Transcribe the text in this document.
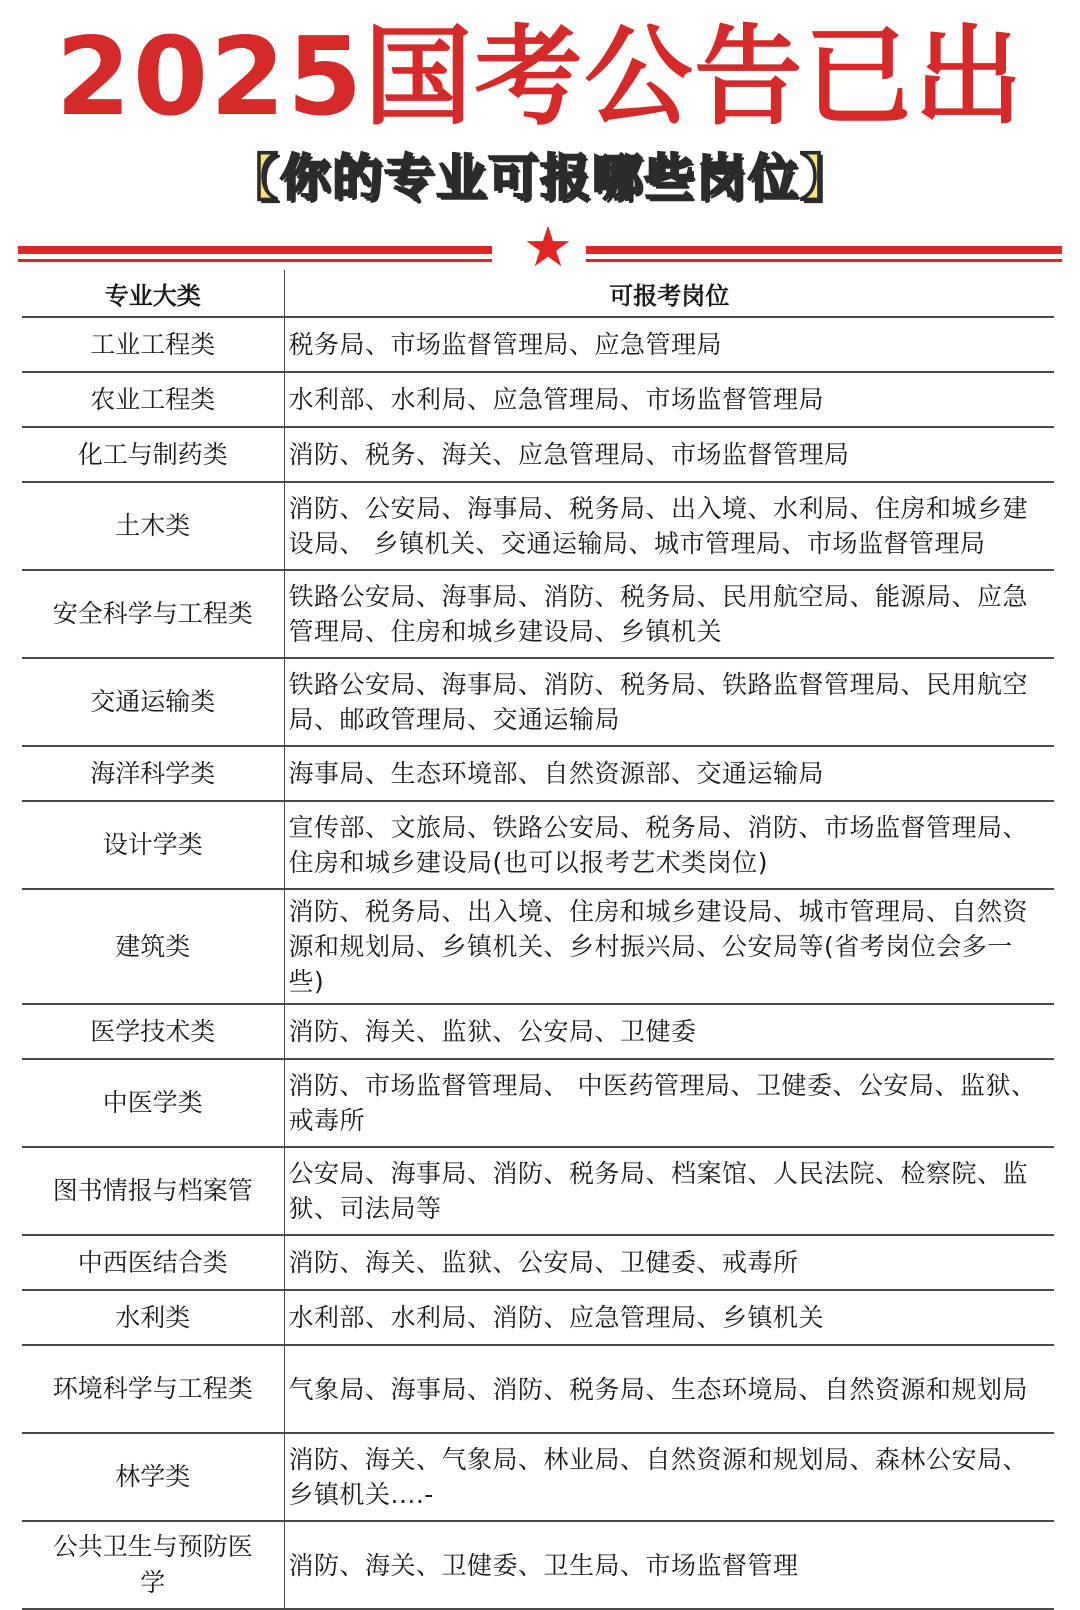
2025国考公告已出
【你的专业可报哪些岗位】
★
专业大类	可报考岗位
工业工程类	税务局、市场监督管理局、应急管理局
农业工程类	水利部、水利局、应急管理局、市场监督管理局
化工与制药类	消防、税务、海关、应急管理局、市场监督管理局
土木类	消防、公安局、海事局、税务局、出入境、水利局、住房和城乡建设局、 乡镇机关、交通运输局、城市管理局、市场监督管理局
安全科学与工程类	铁路公安局、海事局、消防、税务局、民用航空局、能源局、应急管理局、住房和城乡建设局、乡镇机关
交通运输类	铁路公安局、海事局、消防、税务局、铁路监督管理局、民用航空局、邮政管理局、交通运输局
海洋科学类	海事局、生态环境部、自然资源部、交通运输局
设计学类	宣传部、文旅局、铁路公安局、税务局、消防、市场监督管理局、住房和城乡建设局(也可以报考艺术类岗位)
建筑类	消防、税务局、出入境、住房和城乡建设局、城市管理局、自然资源和规划局、乡镇机关、乡村振兴局、公安局等(省考岗位会多一些)
医学技术类	消防、海关、监狱、公安局、卫健委
中医学类	消防、市场监督管理局、 中医药管理局、卫健委、公安局、监狱、戒毒所
图书情报与档案管	公安局、海事局、消防、税务局、档案馆、人民法院、检察院、监狱、司法局等
中西医结合类	消防、海关、监狱、公安局、卫健委、戒毒所
水利类	水利部、水利局、消防、应急管理局、乡镇机关
环境科学与工程类	气象局、海事局、消防、税务局、生态环境局、自然资源和规划局
林学类	消防、海关、气象局、林业局、自然资源和规划局、森林公安局、乡镇机关....-
公共卫生与预防医学	消防、海关、卫健委、卫生局、市场监督管理
